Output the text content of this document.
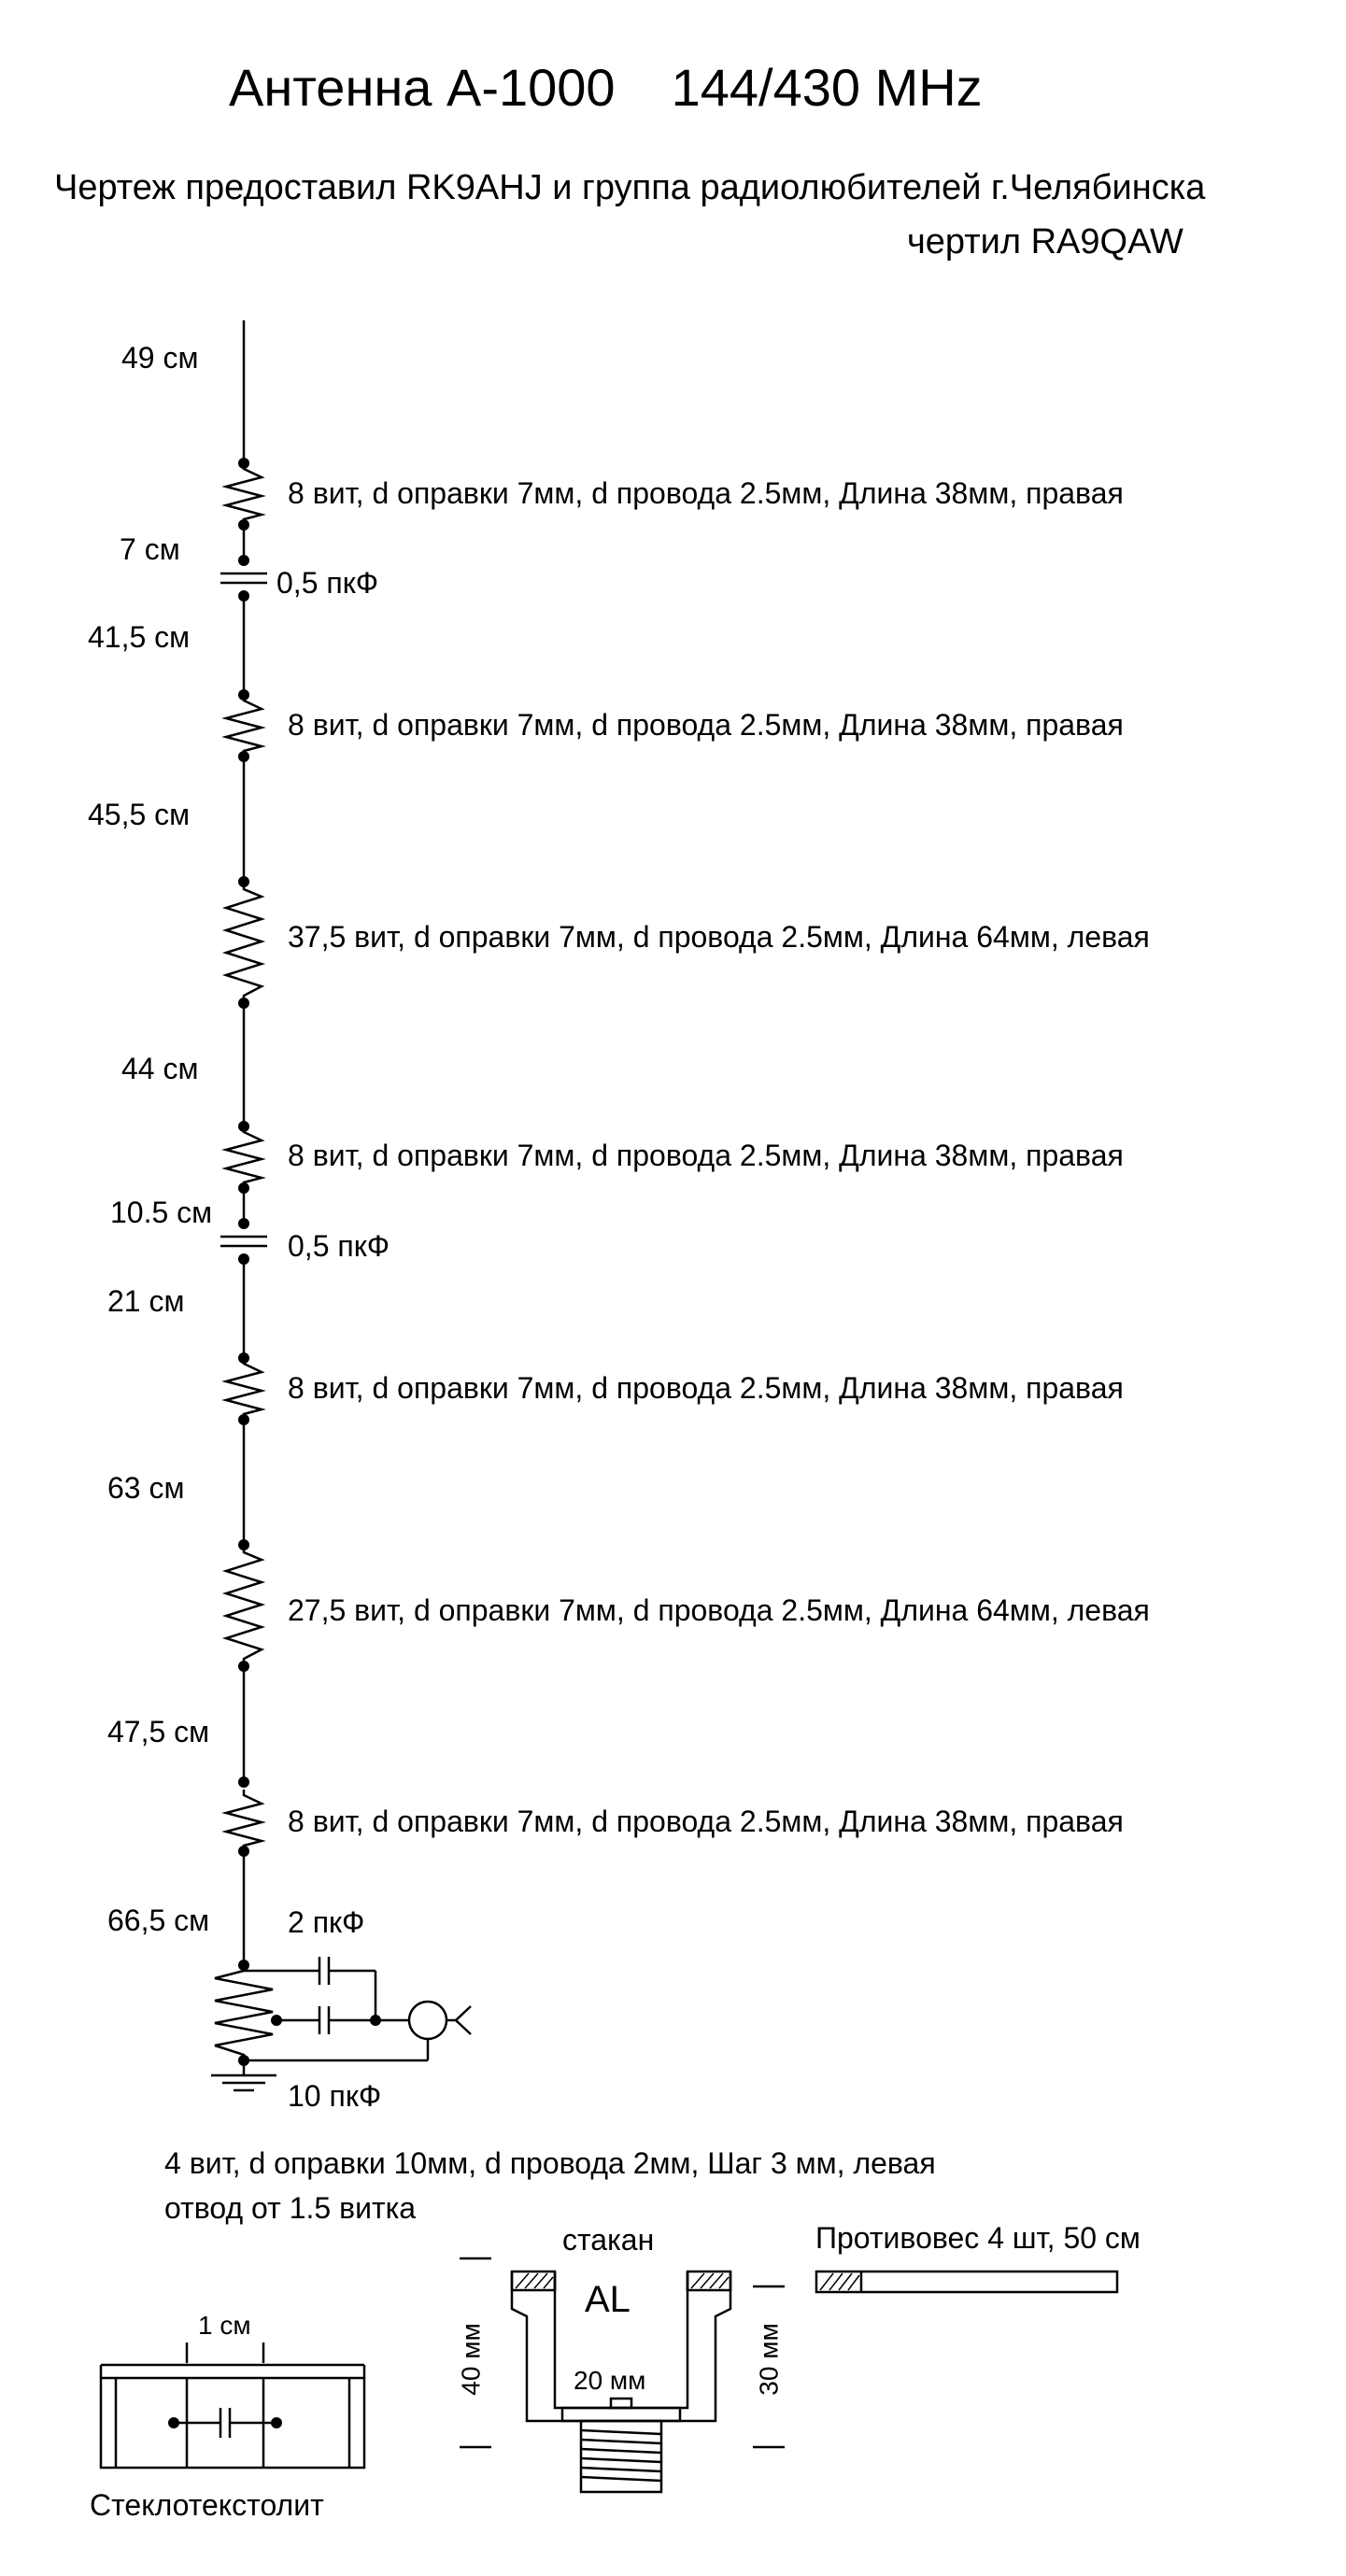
Антенна А-1000 144/430 MHz
Чертеж предоставил RK9AHJ и группа радиолюбителей г.Челябинска
чертил RA9QAW
49 см
7 см
41,5 см
45,5 см
44 см
10.5 см
21 см
63 см
47,5 см
66,5 см
8 вит, d оправки 7мм, d провода 2.5мм, Длина 38мм, правая
8 вит, d оправки 7мм, d провода 2.5мм, Длина 38мм, правая
37,5 вит, d оправки 7мм, d провода 2.5мм, Длина 64мм, левая
8 вит, d оправки 7мм, d провода 2.5мм, Длина 38мм, правая
8 вит, d оправки 7мм, d провода 2.5мм, Длина 38мм, правая
27,5 вит, d оправки 7мм, d провода 2.5мм, Длина 64мм, левая
8 вит, d оправки 7мм, d провода 2.5мм, Длина 38мм, правая
0,5 пкФ
0,5 пкФ
2 пкФ
10 пкФ
4 вит, d оправки 10мм, d провода 2мм, Шаг 3 мм, левая
отвод от 1.5 витка
1 см
Стеклотекстолит
стакан
AL
20 мм
Противовес 4 шт, 50 см
40 мм	30 мм
